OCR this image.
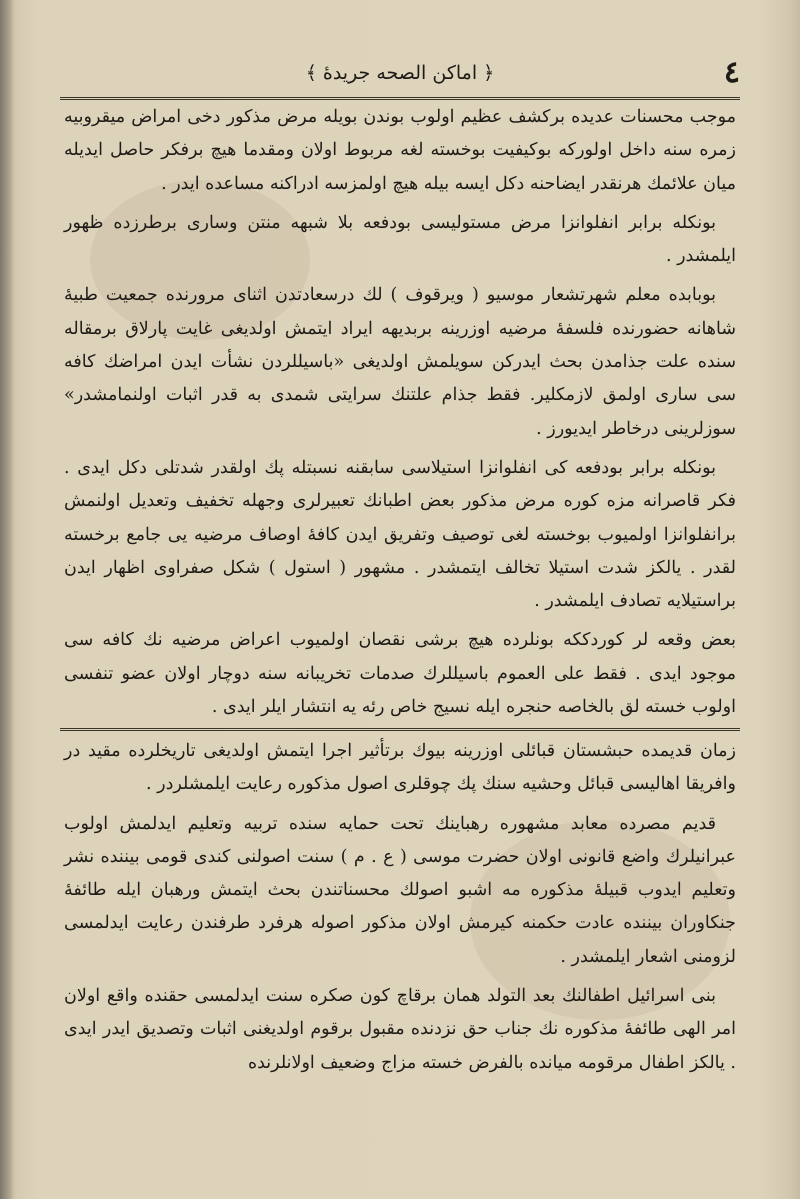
٤
﴿ اماكن الصحه جريدهٔ ﴾

موجب محسنات عديده بركشف عظيم اولوب بوندن بويله مرض مذكور دخى امراض ميقروبيه زمره سنه داخل اولوركه بوكيفيت بوخسته لغه مربوط اولان ومقدما هيچ برفكر حاصل ايديله ميان علائمك هرنقدر ايضاحنه دكل ايسه بيله هيچ اولمزسه ادراكنه مساعده ايدر .

بونكله برابر انفلوانزا مرض مستوليسى بودفعه بلا شبهه منتن وسارى برطرزده ظهور ايلمشدر .

بوبابده معلم شهرتشعار موسيو ( ويرقوف ) لك درسعادتدن اثناى مرورنده جمعيت طبيهٔ شاهانه حضورنده فلسفهٔ مرضيه اوزرينه بربديهه ايراد ايتمش اولديغى غايت پارلاق برمقاله سنده علت جذامدن بحث ايدركن سويلمش اولديغى «باسيللردن نشأت ايدن امراضك كافه سى سارى اولمق لازمكلير. فقط جذام علتنك سرايتى شمدى به قدر اثبات اولنمامشدر» سوزلرينى درخاطر ايديورز .

بونكله برابر بودفعه كى انفلوانزا استيلاسى سابقنه نسبتله پك اولقدر شدتلى دكل ايدى . فكر قاصرانه مزه كوره مرض مذكور بعض اطبانك تعبيرلرى وجهله تخفيف وتعديل اولنمش برانفلوانزا اولميوب بوخسته لغى توصيف وتفريق ايدن كافهٔ اوصاف مرضيه يى جامع برخسته لقدر . يالكز شدت استيلا تخالف ايتمشدر . مشهور ( استول ) شكل صفراوى اظهار ايدن براستيلايه تصادف ايلمشدر .

بعض وقعه لر كوردككه بونلرده هيچ برشى نقصان اولميوب اعراض مرضيه نك كافه سى موجود ايدى . فقط على العموم باسيللرك صدمات تخريبانه سنه دوچار اولان عضو تنفسى اولوب خسته لق بالخاصه حنجره ايله نسيج خاص رئه يه انتشار ايلر ايدى .

زمان قديمده حبشستان قبائلى اوزرينه بيوك برتأثير اجرا ايتمش اولديغى تاريخلرده مقيد در وافريقا اهاليسى قبائل وحشيه سنك پك چوقلرى اصول مذكوره رعايت ايلمشلردر .

قديم مصرده معابد مشهوره رهباينك تحت حمايه سنده تربيه وتعليم ايدلمش اولوب عبرانيلرك واضع قانونى اولان حضرت موسى ( ع . م ) سنت اصولنى كندى قومى بيننده نشر وتعليم ايدوب قبيلهٔ مذكوره مه اشبو اصولك محسناتندن بحث ايتمش ورهبان ايله طائفهٔ جنكاوران بيننده عادت حكمنه كيرمش اولان مذكور اصوله هرفرد طرفندن رعايت ايدلمسى لزومنى اشعار ايلمشدر .

بنى اسرائيل اطفالنك بعد التولد همان برقاچ كون صكره سنت ايدلمسى حقنده واقع اولان امر الهى طائفهٔ مذكوره نك جناب حق نزدنده مقبول برقوم اولديغنى اثبات وتصديق ايدر ايدى . يالكز اطفال مرقومه ميانده بالفرض خسته مزاج وضعيف اولانلرنده
